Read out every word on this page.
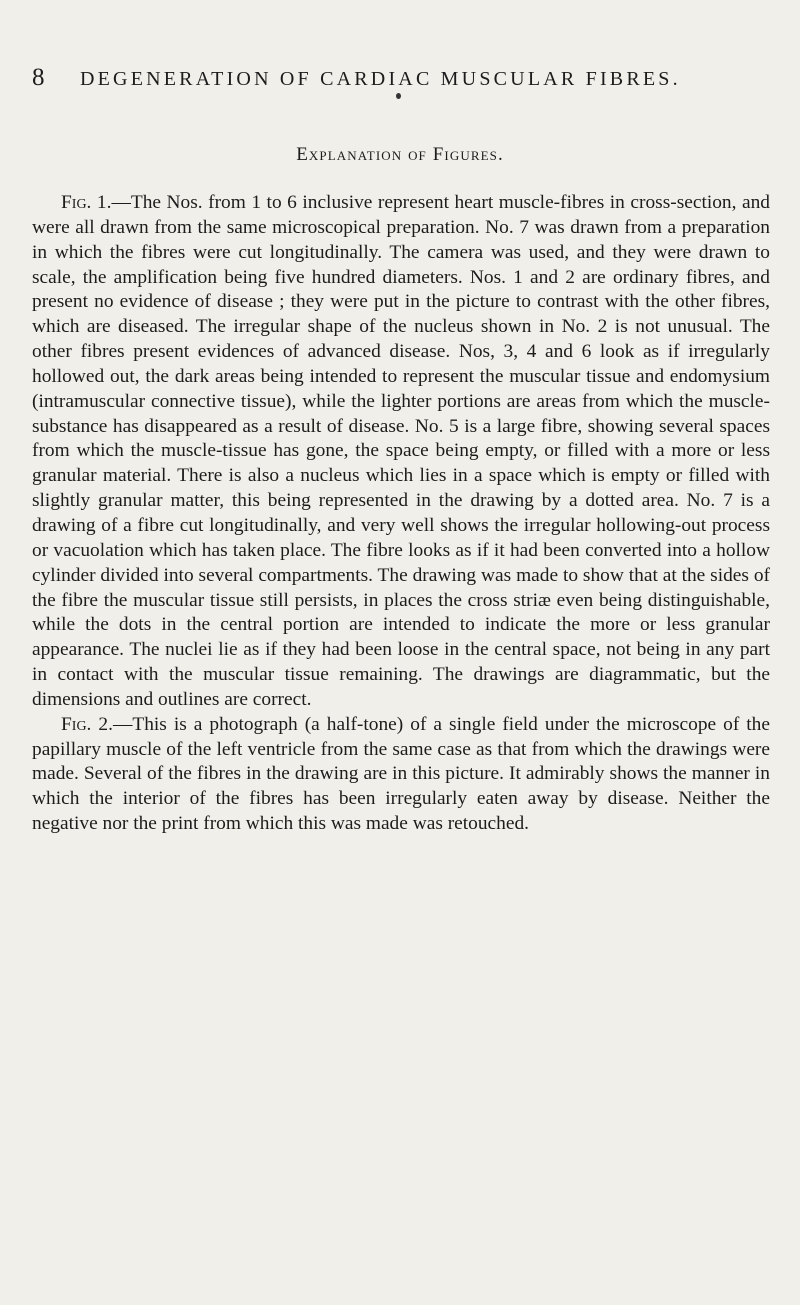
8	DEGENERATION OF CARDIAC MUSCULAR FIBRES.
Explanation of Figures.

Fig. 1.—The Nos. from 1 to 6 inclusive represent heart muscle-fibres in cross-section, and were all drawn from the same microscopical preparation. No. 7 was drawn from a preparation in which the fibres were cut longitudinally. The camera was used, and they were drawn to scale, the amplification being five hundred diameters. Nos. 1 and 2 are ordinary fibres, and present no evidence of disease ; they were put in the picture to contrast with the other fibres, which are diseased. The irregular shape of the nucleus shown in No. 2 is not unusual. The other fibres present evidences of advanced disease. Nos, 3, 4 and 6 look as if irregularly hollowed out, the dark areas being intended to represent the muscular tissue and endomysium (intramuscular connective tissue), while the lighter portions are areas from which the muscle-substance has disappeared as a result of disease. No. 5 is a large fibre, showing several spaces from which the muscle-tissue has gone, the space being empty, or filled with a more or less granular material. There is also a nucleus which lies in a space which is empty or filled with slightly granular matter, this being represented in the drawing by a dotted area. No. 7 is a drawing of a fibre cut longitudinally, and very well shows the irregular hollowing-out process or vacuolation which has taken place. The fibre looks as if it had been converted into a hollow cylinder divided into several compartments. The drawing was made to show that at the sides of the fibre the muscular tissue still persists, in places the cross striæ even being distinguishable, while the dots in the central portion are intended to indicate the more or less granular appearance. The nuclei lie as if they had been loose in the central space, not being in any part in contact with the muscular tissue remaining. The drawings are diagrammatic, but the dimensions and outlines are correct.

Fig. 2.—This is a photograph (a half-tone) of a single field under the microscope of the papillary muscle of the left ventricle from the same case as that from which the drawings were made. Several of the fibres in the drawing are in this picture. It admirably shows the manner in which the interior of the fibres has been irregularly eaten away by disease. Neither the negative nor the print from which this was made was retouched.
